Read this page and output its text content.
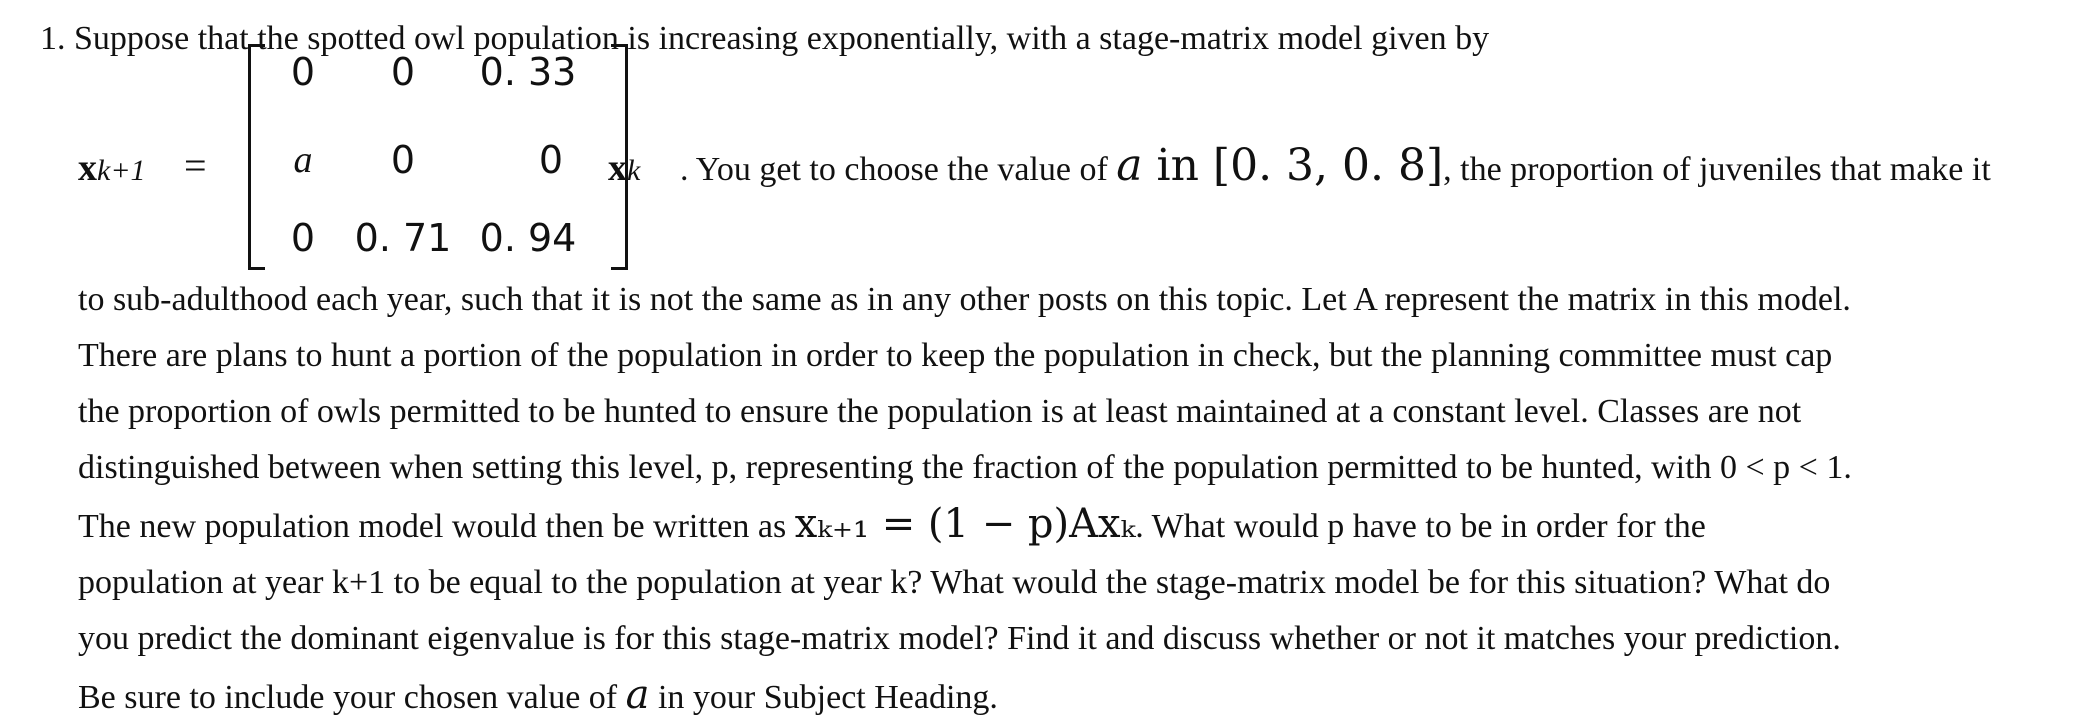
1. Suppose that the spotted owl population is increasing exponentially, with a stage-matrix model given by
xk+1 =
0	0	0. 33
a	0	0
0	0. 71 0. 94
xk . You get to choose the value of a in [0. 3, 0. 8], the proportion of juveniles that make it
to sub-adulthood each year, such that it is not the same as in any other posts on this topic. Let A represent the matrix in this model.
There are plans to hunt a portion of the population in order to keep the population in check, but the planning committee must cap
the proportion of owls permitted to be hunted to ensure the population is at least maintained at a constant level. Classes are not
distinguished between when setting this level, p, representing the fraction of the population permitted to be hunted, with 0 < p < 1.
The new population model would then be written as xₖ₊₁ = (1 − p)Axₖ. What would p have to be in order for the
population at year k+1 to be equal to the population at year k? What would the stage-matrix model be for this situation? What do
you predict the dominant eigenvalue is for this stage-matrix model? Find it and discuss whether or not it matches your prediction.
Be sure to include your chosen value of a in your Subject Heading.
